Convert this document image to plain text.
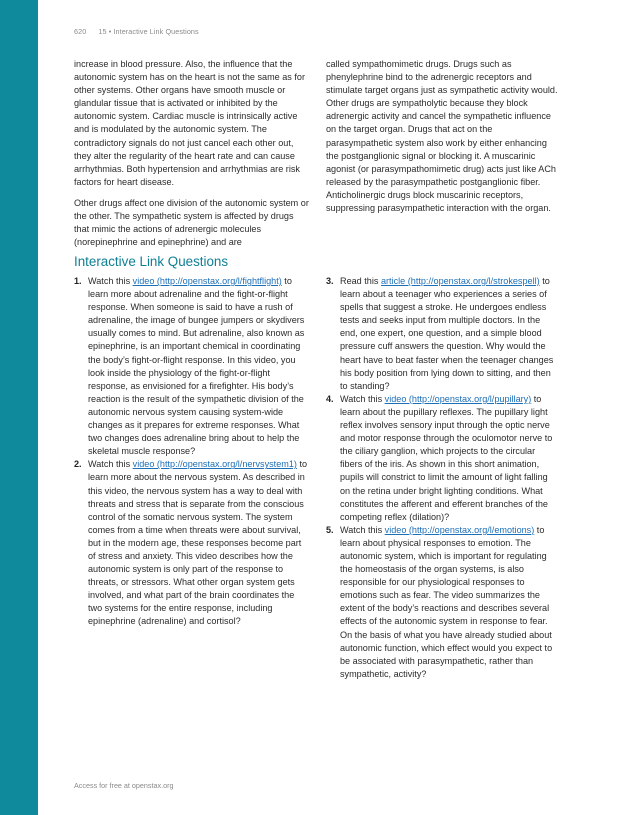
620 15 • Interactive Link Questions

increase in blood pressure. Also, the influence that the autonomic system has on the heart is not the same as for other systems. Other organs have smooth muscle or glandular tissue that is activated or inhibited by the autonomic system. Cardiac muscle is intrinsically active and is modulated by the autonomic system. The contradictory signals do not just cancel each other out, they alter the regularity of the heart rate and can cause arrhythmias. Both hypertension and arrhythmias are risk factors for heart disease.

Other drugs affect one division of the autonomic system or the other. The sympathetic system is affected by drugs that mimic the actions of adrenergic molecules (norepinephrine and epinephrine) and are

called sympathomimetic drugs. Drugs such as phenylephrine bind to the adrenergic receptors and stimulate target organs just as sympathetic activity would. Other drugs are sympatholytic because they block adrenergic activity and cancel the sympathetic influence on the target organ. Drugs that act on the parasympathetic system also work by either enhancing the postganglionic signal or blocking it. A muscarinic agonist (or parasympathomimetic drug) acts just like ACh released by the parasympathetic postganglionic fiber. Anticholinergic drugs block muscarinic receptors, suppressing parasympathetic interaction with the organ.

Interactive Link Questions
1. Watch this video (http://openstax.org/l/fightflight) to learn more about adrenaline and the fight-or-flight response. When someone is said to have a rush of adrenaline, the image of bungee jumpers or skydivers usually comes to mind. But adrenaline, also known as epinephrine, is an important chemical in coordinating the body’s fight-or-flight response. In this video, you look inside the physiology of the fight-or-flight response, as envisioned for a firefighter. His body’s reaction is the result of the sympathetic division of the autonomic nervous system causing system-wide changes as it prepares for extreme responses. What two changes does adrenaline bring about to help the skeletal muscle response?
2. Watch this video (http://openstax.org/l/nervsystem1) to learn more about the nervous system. As described in this video, the nervous system has a way to deal with threats and stress that is separate from the conscious control of the somatic nervous system. The system comes from a time when threats were about survival, but in the modern age, these responses become part of stress and anxiety. This video describes how the autonomic system is only part of the response to threats, or stressors. What other organ system gets involved, and what part of the brain coordinates the two systems for the entire response, including epinephrine (adrenaline) and cortisol?
3. Read this article (http://openstax.org/l/strokespell) to learn about a teenager who experiences a series of spells that suggest a stroke. He undergoes endless tests and seeks input from multiple doctors. In the end, one expert, one question, and a simple blood pressure cuff answers the question. Why would the heart have to beat faster when the teenager changes his body position from lying down to sitting, and then to standing?
4. Watch this video (http://openstax.org/l/pupillary) to learn about the pupillary reflexes. The pupillary light reflex involves sensory input through the optic nerve and motor response through the oculomotor nerve to the ciliary ganglion, which projects to the circular fibers of the iris. As shown in this short animation, pupils will constrict to limit the amount of light falling on the retina under bright lighting conditions. What constitutes the afferent and efferent branches of the competing reflex (dilation)?
5. Watch this video (http://openstax.org/l/emotions) to learn about physical responses to emotion. The autonomic system, which is important for regulating the homeostasis of the organ systems, is also responsible for our physiological responses to emotions such as fear. The video summarizes the extent of the body’s reactions and describes several effects of the autonomic system in response to fear. On the basis of what you have already studied about autonomic function, which effect would you expect to be associated with parasympathetic, rather than sympathetic, activity?
Access for free at openstax.org
